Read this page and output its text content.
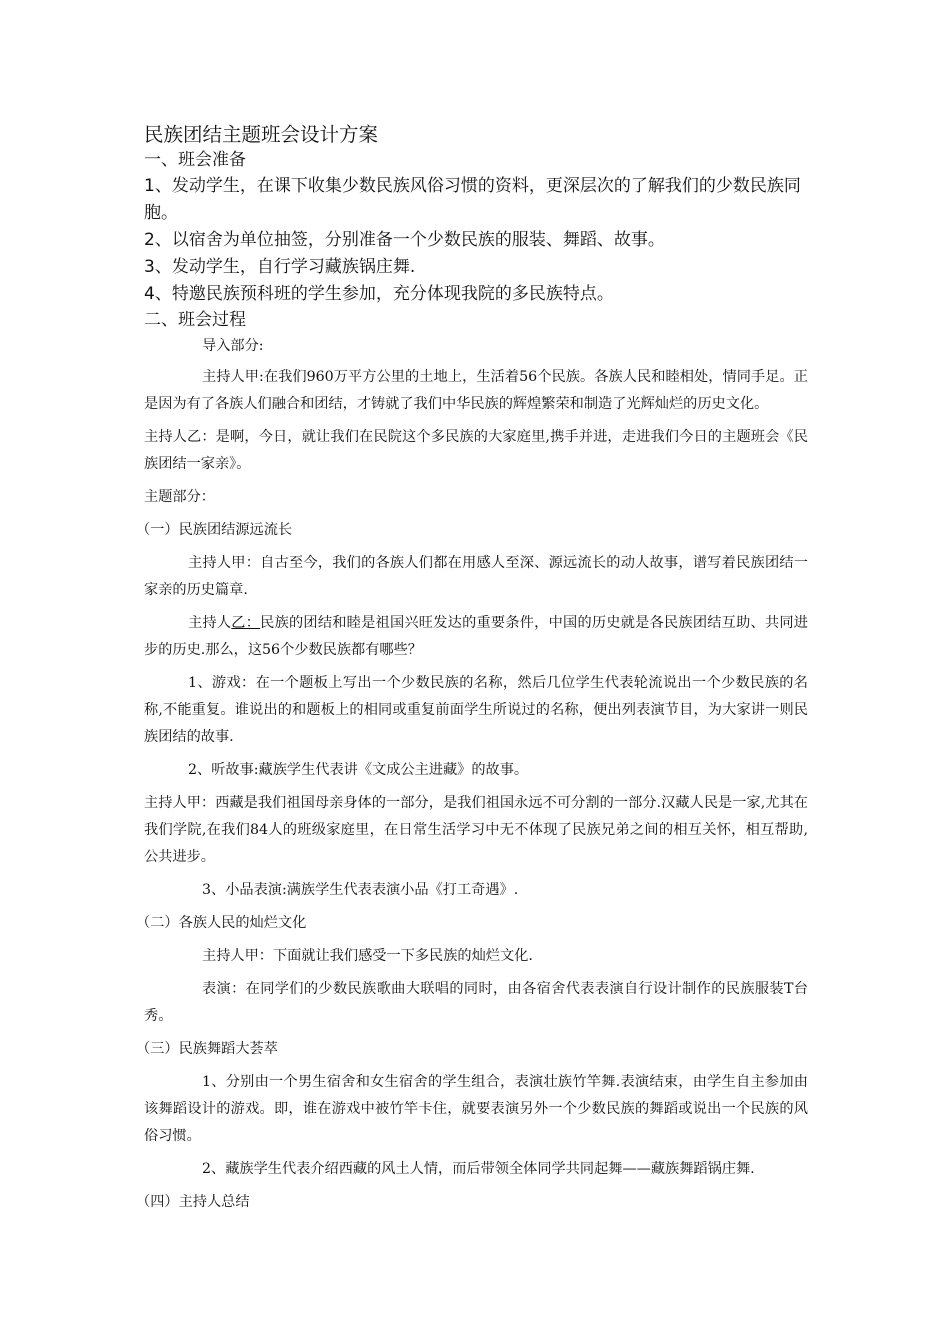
民族团结主题班会设计方案

一、班会准备

1、发动学生，在课下收集少数民族风俗习惯的资料，更深层次的了解我们的少数民族同胞。

2、以宿舍为单位抽签，分别准备一个少数民族的服装、舞蹈、故事。

3、发动学生，自行学习藏族锅庄舞.

4、特邀民族预科班的学生参加，充分体现我院的多民族特点。

二、班会过程

导入部分:

主持人甲:在我们960万平方公里的土地上，生活着56个民族。各族人民和睦相处，情同手足。正是因为有了各族人们融合和团结，才铸就了我们中华民族的辉煌繁荣和制造了光辉灿烂的历史文化。

主持人乙：是啊，今日，就让我们在民院这个多民族的大家庭里,携手并进，走进我们今日的主题班会《民族团结一家亲》。

主题部分：

（一）民族团结源远流长

主持人甲：自古至今，我们的各族人们都在用感人至深、源远流长的动人故事，谱写着民族团结一家亲的历史篇章.

主持人乙：民族的团结和睦是祖国兴旺发达的重要条件，中国的历史就是各民族团结互助、共同进步的历史.那么，这56个少数民族都有哪些？

1、游戏：在一个题板上写出一个少数民族的名称，然后几位学生代表轮流说出一个少数民族的名称,不能重复。谁说出的和题板上的相同或重复前面学生所说过的名称，便出列表演节目，为大家讲一则民族团结的故事.

2、听故事:藏族学生代表讲《文成公主进藏》的故事。

主持人甲：西藏是我们祖国母亲身体的一部分，是我们祖国永远不可分割的一部分.汉藏人民是一家,尤其在我们学院,在我们84人的班级家庭里，在日常生活学习中无不体现了民族兄弟之间的相互关怀，相互帮助,公共进步。

3、小品表演:满族学生代表表演小品《打工奇遇》.

（二）各族人民的灿烂文化

主持人甲：下面就让我们感受一下多民族的灿烂文化.

表演：在同学们的少数民族歌曲大联唱的同时，由各宿舍代表表演自行设计制作的民族服装T台秀。

（三）民族舞蹈大荟萃

1、分别由一个男生宿舍和女生宿舍的学生组合，表演壮族竹竿舞.表演结束，由学生自主参加由该舞蹈设计的游戏。即，谁在游戏中被竹竿卡住，就要表演另外一个少数民族的舞蹈或说出一个民族的风俗习惯。

2、藏族学生代表介绍西藏的风土人情，而后带领全体同学共同起舞——藏族舞蹈锅庄舞.

（四）主持人总结
